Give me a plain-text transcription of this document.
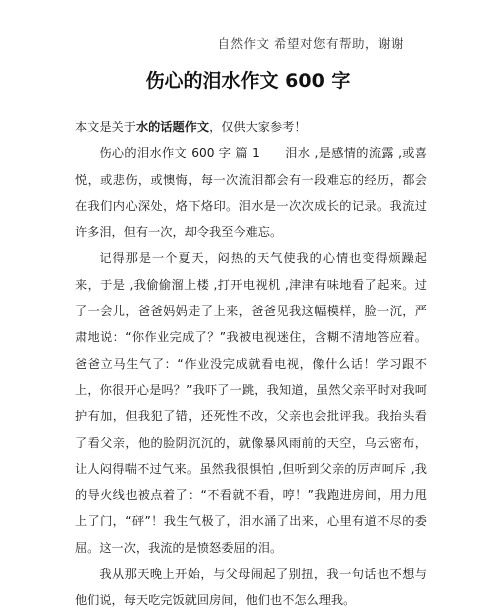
自然作文 希望对您有帮助，谢谢
伤心的泪水作文 600 字

本文是关于水的话题作文，仅供大家参考！

伤心的泪水作文 600 字 篇 1　　泪水 ,是感情的流露 ,或喜悦，或悲伤，或懊悔，每一次流泪都会有一段难忘的经历，都会在我们内心深处，烙下烙印。泪水是一次次成长的记录。我流过许多泪，但有一次，却令我至今难忘。

记得那是一个夏天，闷热的天气使我的心情也变得烦躁起来，于是 ,我偷偷溜上楼 ,打开电视机 ,津津有味地看了起来。过了一会儿，爸爸妈妈走了上来，爸爸见我这幅模样，脸一沉，严肃地说：“你作业完成了？”我被电视迷住，含糊不清地答应着。爸爸立马生气了：“作业没完成就看电视，像什么话！学习跟不上，你很开心是吗？”我吓了一跳，我知道，虽然父亲平时对我呵护有加，但我犯了错，还死性不改，父亲也会批评我。我抬头看了看父亲，他的脸阴沉沉的，就像暴风雨前的天空，乌云密布，让人闷得喘不过气来。虽然我很惧怕 ,但听到父亲的厉声呵斥 ,我的导火线也被点着了：“不看就不看，哼！”我跑进房间，用力甩上了门，“砰”！我生气极了，泪水涌了出来，心里有道不尽的委屈。这一次，我流的是愤怒委屈的泪。

我从那天晚上开始，与父母闹起了别扭，我一句话也不想与他们说，每天吃完饭就回房间，他们也不怎么理我。
